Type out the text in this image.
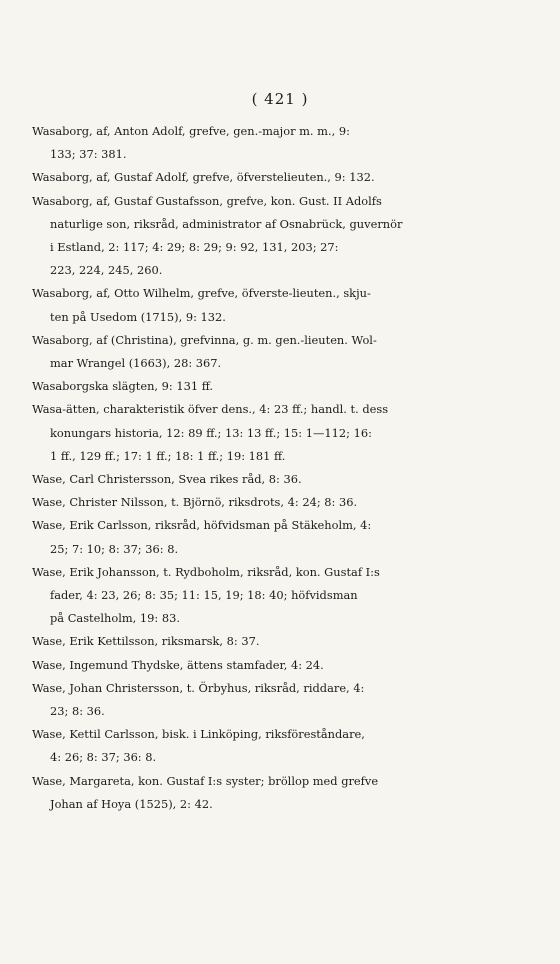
( 421 )
Wasaborg, af, Anton Adolf, grefve, gen.-major m. m., 9:
133; 37: 381.
Wasaborg, af, Gustaf Adolf, grefve, öfverstelieuten., 9: 132.
Wasaborg, af, Gustaf Gustafsson, grefve, kon. Gust. II Adolfs
naturlige son, riksråd, administrator af Osnabrück, guvernör
i Estland, 2: 117; 4: 29; 8: 29; 9: 92, 131, 203; 27:
223, 224, 245, 260.
Wasaborg, af, Otto Wilhelm, grefve, öfverste-lieuten., skju-
ten på Usedom (1715), 9: 132.
Wasaborg, af (Christina), grefvinna, g. m. gen.-lieuten. Wol-
mar Wrangel (1663), 28: 367.
Wasaborgska slägten, 9: 131 ff.
Wasa-ätten, charakteristik öfver dens., 4: 23 ff.; handl. t. dess
konungars historia, 12: 89 ff.; 13: 13 ff.; 15: 1—112; 16:
1 ff., 129 ff.; 17: 1 ff.; 18: 1 ff.; 19: 181 ff.
Wase, Carl Christersson, Svea rikes råd, 8: 36.
Wase, Christer Nilsson, t. Björnö, riksdrots, 4: 24; 8: 36.
Wase, Erik Carlsson, riksråd, höfvidsman på Stäkeholm, 4:
25; 7: 10; 8: 37; 36: 8.
Wase, Erik Johansson, t. Rydboholm, riksråd, kon. Gustaf I:s
fader, 4: 23, 26; 8: 35; 11: 15, 19; 18: 40; höfvidsman
på Castelholm, 19: 83.
Wase, Erik Kettilsson, riksmarsk, 8: 37.
Wase, Ingemund Thydske, ättens stamfader, 4: 24.
Wase, Johan Christersson, t. Örbyhus, riksråd, riddare, 4:
23; 8: 36.
Wase, Kettil Carlsson, bisk. i Linköping, riksföreståndare,
4: 26; 8: 37; 36: 8.
Wase, Margareta, kon. Gustaf I:s syster; bröllop med grefve
Johan af Hoya (1525), 2: 42.
